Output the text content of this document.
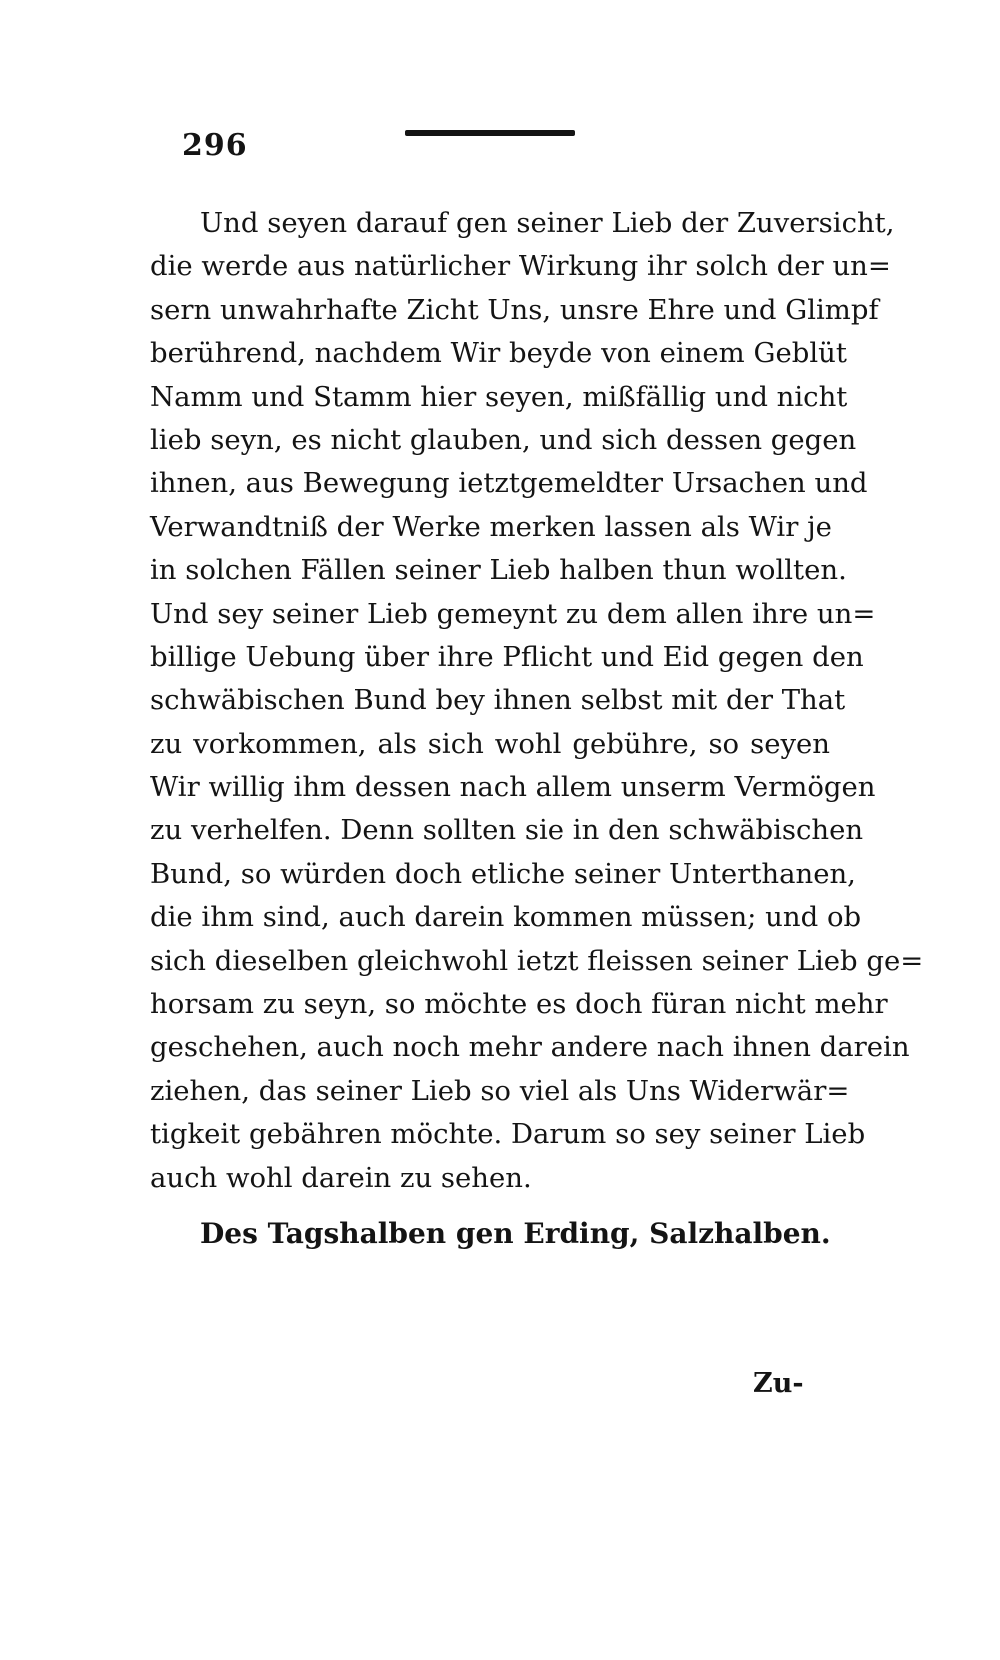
296
Und seyen darauf gen seiner Lieb der Zuversicht,
die werde aus natürlicher Wirkung ihr solch der un=
sern unwahrhafte Zicht Uns, unsre Ehre und Glimpf
berührend, nachdem Wir beyde von einem Geblüt
Namm und Stamm hier seyen, mißfällig und nicht
lieb seyn, es nicht glauben, und sich dessen gegen
ihnen, aus Bewegung ietztgemeldter Ursachen und
Verwandtniß der Werke merken lassen als Wir je
in solchen Fällen seiner Lieb halben thun wollten.
Und sey seiner Lieb gemeynt zu dem allen ihre un=
billige Uebung über ihre Pflicht und Eid gegen den
schwäbischen Bund bey ihnen selbst mit der That
zu vorkommen, als sich wohl gebühre, so seyen
Wir willig ihm dessen nach allem unserm Vermögen
zu verhelfen. Denn sollten sie in den schwäbischen
Bund, so würden doch etliche seiner Unterthanen,
die ihm sind, auch darein kommen müssen; und ob
sich dieselben gleichwohl ietzt fleissen seiner Lieb ge=
horsam zu seyn, so möchte es doch füran nicht mehr
geschehen, auch noch mehr andere nach ihnen darein
ziehen, das seiner Lieb so viel als Uns Widerwär=
tigkeit gebähren möchte. Darum so sey seiner Lieb
auch wohl darein zu sehen.
Des Tagshalben gen Erding, Salzhalben.
Zu-
